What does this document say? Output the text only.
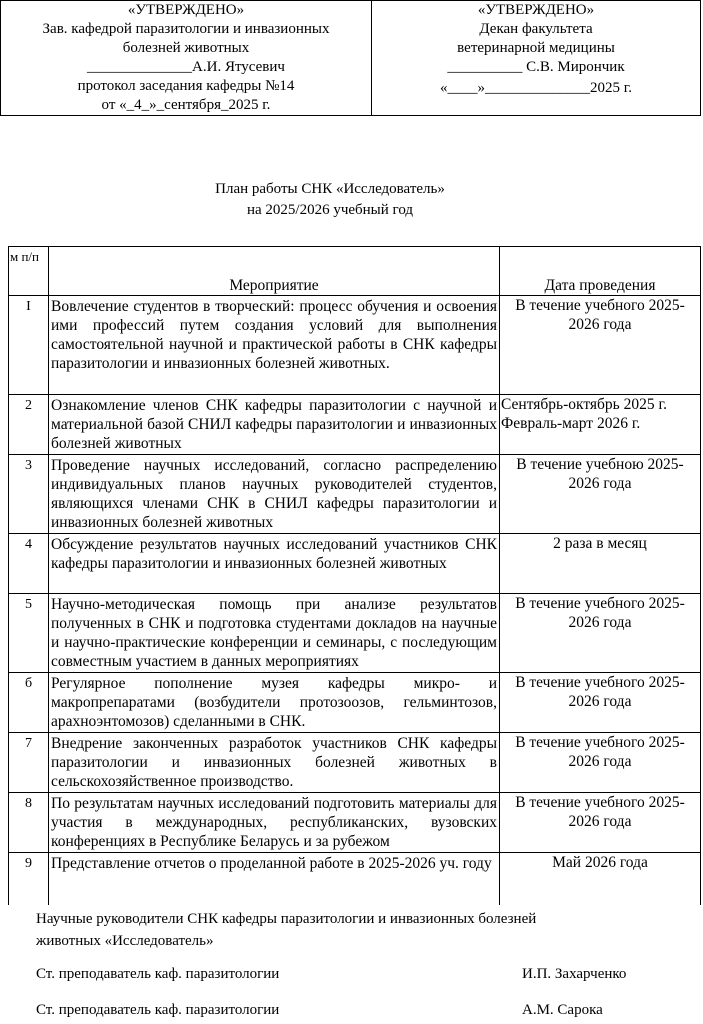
«УТВЕРЖДЕНО»
Зав. кафедрой паразитологии и инвазионных
болезней животных
______________А.И. Ятусевич
протокол заседания кафедры №14
от «_4_»_сентября_2025 г.

«УТВЕРЖДЕНО»
Декан факультета
ветеринарной медицины
__________ С.В. Мирончик
«____»______________2025 г.
План работы СНК «Исследователь»
на 2025/2026 учебный год
м п/п	Мероприятие	Дата проведения
I	Вовлечение студентов в творческий: процесс обучения и освоения ими профессий путем создания условий для выполнения самостоятельной научной и практической работы в СНК кафедры паразитологии и инвазионных болезней животных.	В течение учебного 2025-2026 года
2	Ознакомление членов СНК кафедры паразитологии с научной и материальной базой СНИЛ кафедры паразитологии и инвазионных болезней животных	Сентябрь-октябрь 2025 г. Февраль-март 2026 г.
3	Проведение научных исследований, согласно распределению индивидуальных планов научных руководителей студентов, являющихся членами СНК в СНИЛ кафедры паразитологии и инвазионных болезней животных	В течение учебною 2025-2026 года
4	Обсуждение результатов научных исследований участников СНК кафедры паразитологии и инвазионных болезней животных	2 раза в месяц
5	Научно-методическая помощь при анализе результатов полученных в СНК и подготовка студентами докладов на научные и научно-практические конференции и семинары, с последующим совместным участием в данных мероприятиях	В течение учебного 2025-2026 года
б	Регулярное пополнение музея кафедры микро- и макропрепаратами (возбудители протозоозов, гельминтозов, арахноэнтомозов) сделанными в СНК.	В течение учебного 2025-2026 года
7	Внедрение законченных разработок участников СНК кафедры паразитологии и инвазионных болезней животных в сельскохозяйственное производство.	В течение учебного 2025-2026 года
8	По результатам научных исследований подготовить материалы для участия в международных, республиканских, вузовских конференциях в Республике Беларусь и за рубежом	В течение учебного 2025-2026 года
9	Представление отчетов о проделанной работе в 2025-2026 уч. году	Май 2026 года
Научные руководители СНК кафедры паразитологии и инвазионных болезней
животных «Исследователь»
Ст. преподаватель каф. паразитологии	И.П. Захарченко
Ст. преподаватель каф. паразитологии	А.М. Сарока
